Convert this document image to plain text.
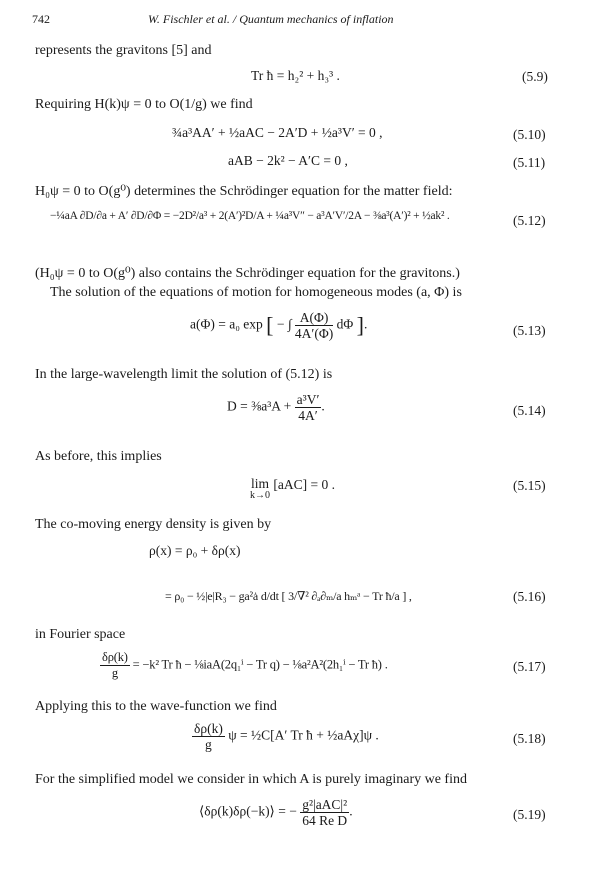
742	W. Fischler et al. / Quantum mechanics of inflation
represents the gravitons [5] and
Tr ħ = h₂² + h₃³ .	(5.9)
Requiring H(k)ψ = 0 to O(1/g) we find
¾a³AA′ + ½aAC − 2A′D + ½a³V′ = 0 ,	(5.10)
aAB − 2k² − A′C = 0 ,	(5.11)
H₀ψ = 0 to O(g⁰) determines the Schrödinger equation for the matter field:
−¼aA ∂D/∂a + A′ ∂D/∂Φ = −2D²/a³ + 2(A′)²D/A + ¼a³V″ − a³A′V′/2A − ⅜a³(A′)² + ½ak² .	(5.12)
(H₀ψ = 0 to O(g⁰) also contains the Schrödinger equation for the gravitons.)
The solution of the equations of motion for homogeneous modes (a, Φ) is
a(Φ) = a₀ exp [ − ∫ $\frac{A(\Phi)}{4A'(\Phi)}$ dΦ ].	(5.13)
In the large-wavelength limit the solution of (5.12) is
D = ⅜a³A + $\frac{\text{a³V′}}{4A'}$ .	(5.14)
As before, this implies
lim
k→0
[aAC] = 0 .	(5.15)
The co-moving energy density is given by
ρ(x) = ρ₀ + δρ(x)
= ρ₀ − ½|e|R₃ − ga²ȧ d/dt [ 3/∇² ∂ₐ∂ₘ/a hₘᵃ − Tr ħ/a ] ,	(5.16)
in Fourier space
$\frac{\delta\rho(k)}{g} = -k^2$ Tr ħ − ⅛iaA(2q₁ⁱ − Tr q) − ⅛a²A²(2h₁ⁱ − Tr ħ) .	(5.17)
Applying this to the wave-function we find
$\frac{\delta\rho(k)}{g}$ ψ = ½C[A′ Tr ħ + ½aAχ]ψ .	(5.18)
For the simplified model we consider in which A is purely imaginary we find
⟨δρ(k)δρ(−k)⟩ = − $\frac{\text{g²|aAC|²}}{\text{64 Re D}}$ .	(5.19)
